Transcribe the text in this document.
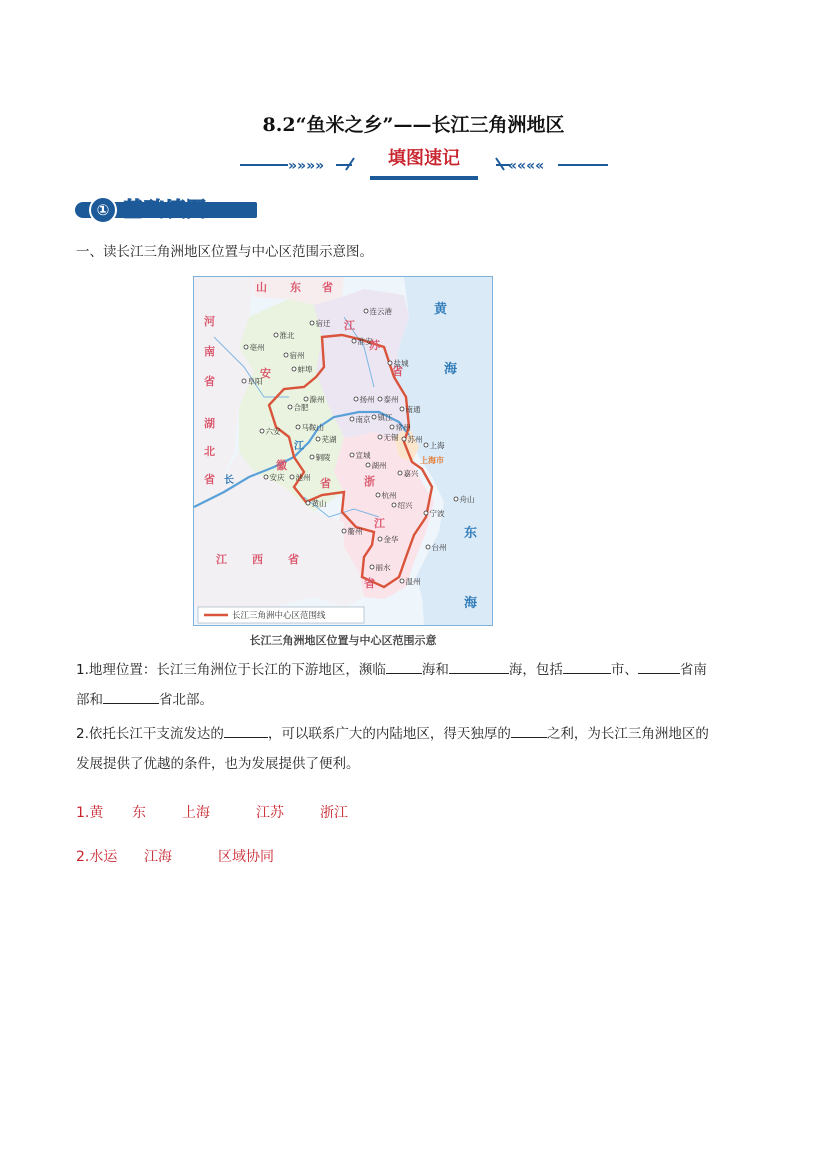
8.2“鱼米之乡”——长江三角洲地区
»»»»	««««
填图速记
① 基础填图
一、读长江三角洲地区位置与中心区范围示意图。
山 东 省
河
南
省
江
苏
省
安
徽
省	浙
江
省
湖
北
省
江 西 省
黄
海
东
海
长
江
上海市
连云港
宿迁
淮北
亳州
宿州
蚌埠
阜阳
淮安
盐城
扬州 泰州
南通
滁州
合肥
六安	马鞍山
南京 镇江
常州
无锡 苏州
上海
芜湖
宣城
铜陵
池州
安庆
黄山
湖州
嘉兴
杭州
绍兴
宁波
舟山
金华
衢州
台州
丽水
温州
长江三角洲中心区范围线
长江三角洲地区位置与中心区范围示意
1.地理位置：长江三角洲位于长江的下游地区，濒临	海和	海，包括	市、	省南
部和	省北部。
2.依托长江干支流发达的	，可以联系广大的内陆地区，得天独厚的	之利，为长江三角洲地区的
发展提供了优越的条件，也为发展提供了便利。
1.黄 东	上海	江苏	浙江
2.水运 江海	区域协同
